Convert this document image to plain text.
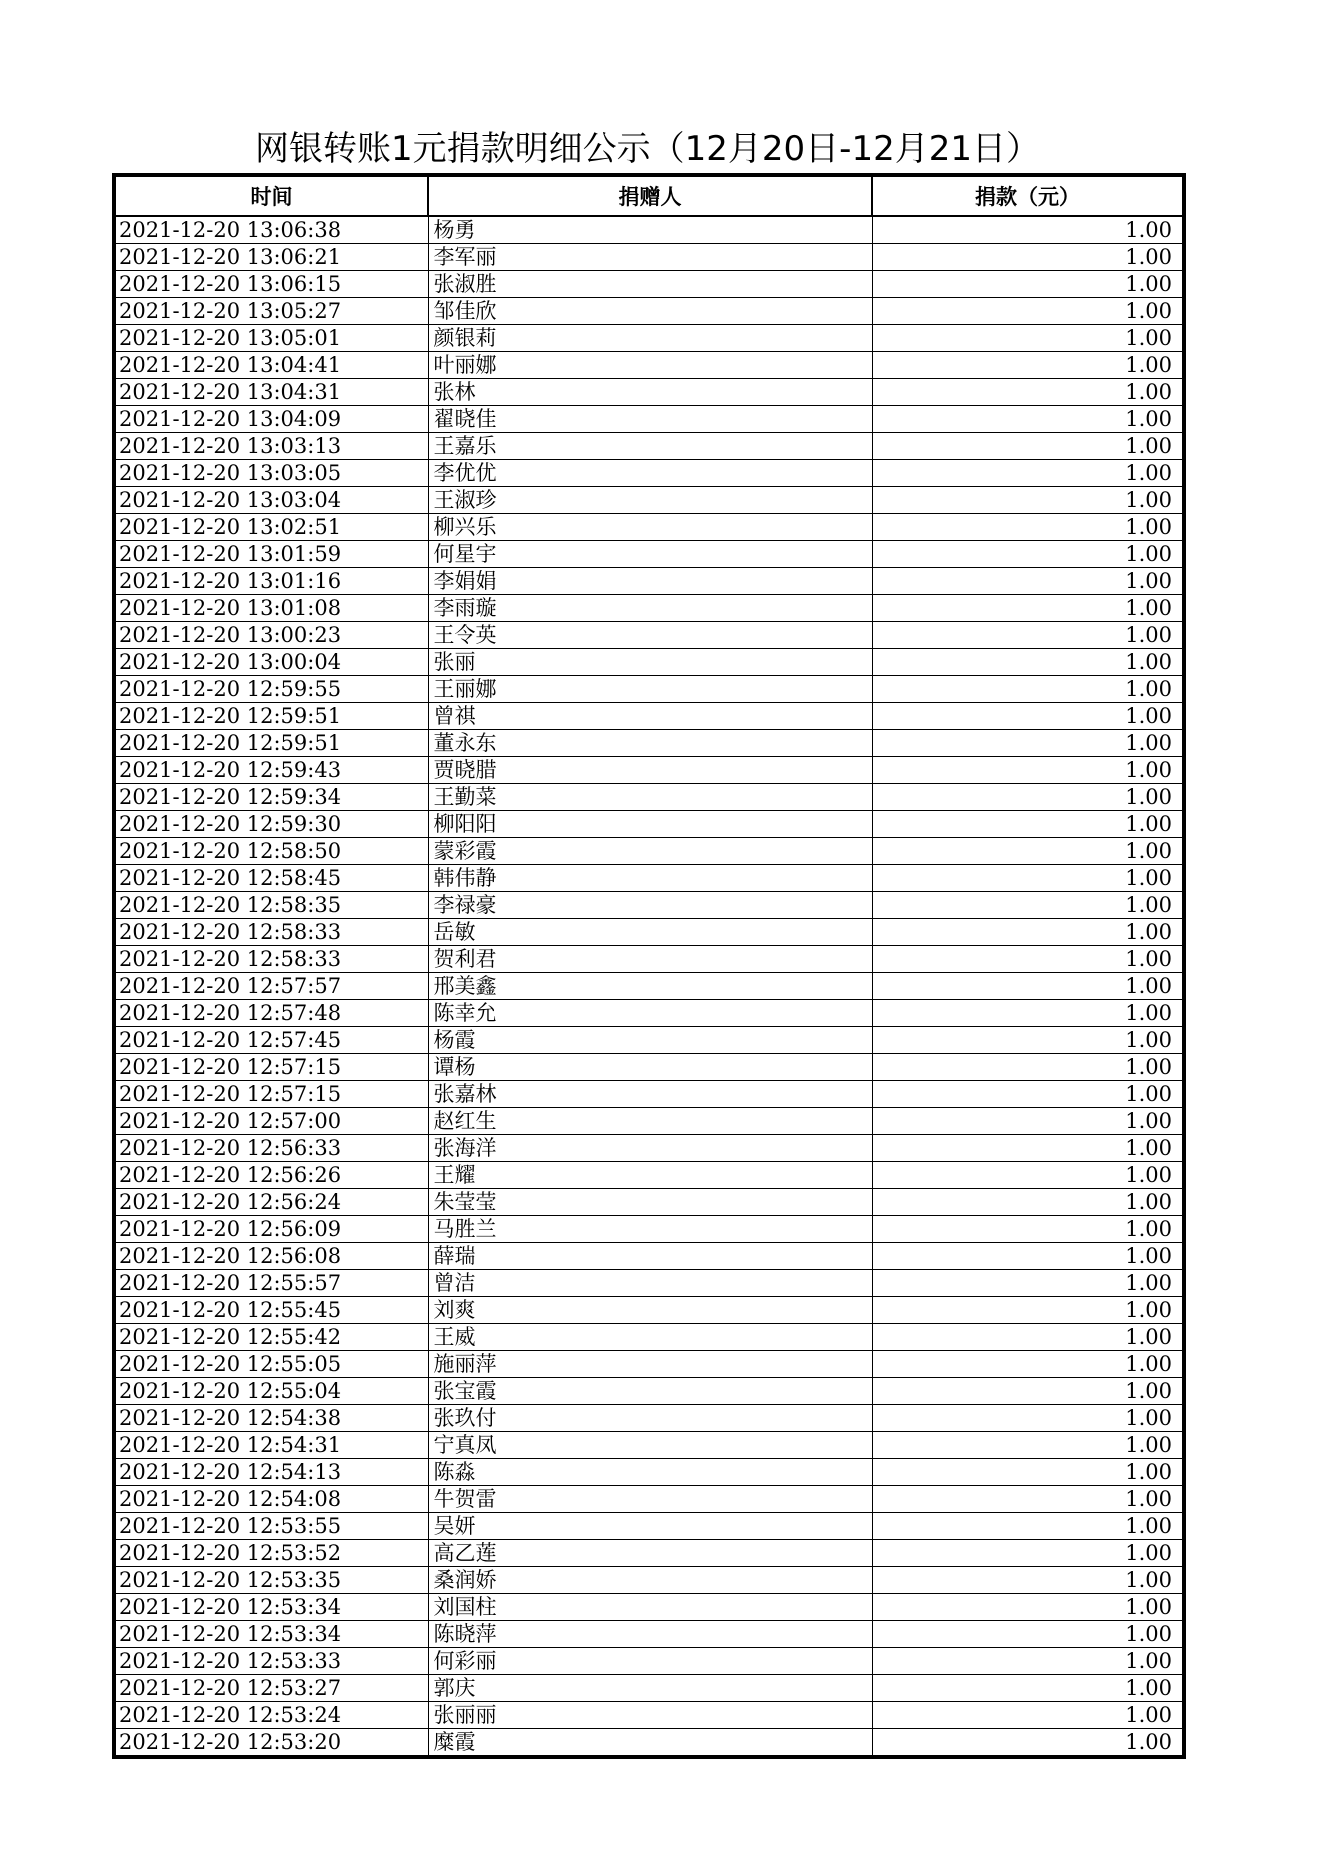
网银转账1元捐款明细公示（12月20日-12月21日）
时间	捐赠人	捐款（元）
2021-12-20 13:06:38	杨勇	1.00
2021-12-20 13:06:21	李军丽	1.00
2021-12-20 13:06:15	张淑胜	1.00
2021-12-20 13:05:27	邹佳欣	1.00
2021-12-20 13:05:01	颜银莉	1.00
2021-12-20 13:04:41	叶丽娜	1.00
2021-12-20 13:04:31	张林	1.00
2021-12-20 13:04:09	翟晓佳	1.00
2021-12-20 13:03:13	王嘉乐	1.00
2021-12-20 13:03:05	李优优	1.00
2021-12-20 13:03:04	王淑珍	1.00
2021-12-20 13:02:51	柳兴乐	1.00
2021-12-20 13:01:59	何星宇	1.00
2021-12-20 13:01:16	李娟娟	1.00
2021-12-20 13:01:08	李雨璇	1.00
2021-12-20 13:00:23	王令英	1.00
2021-12-20 13:00:04	张丽	1.00
2021-12-20 12:59:55	王丽娜	1.00
2021-12-20 12:59:51	曾祺	1.00
2021-12-20 12:59:51	董永东	1.00
2021-12-20 12:59:43	贾晓腊	1.00
2021-12-20 12:59:34	王勤菜	1.00
2021-12-20 12:59:30	柳阳阳	1.00
2021-12-20 12:58:50	蒙彩霞	1.00
2021-12-20 12:58:45	韩伟静	1.00
2021-12-20 12:58:35	李禄豪	1.00
2021-12-20 12:58:33	岳敏	1.00
2021-12-20 12:58:33	贺利君	1.00
2021-12-20 12:57:57	邢美鑫	1.00
2021-12-20 12:57:48	陈幸允	1.00
2021-12-20 12:57:45	杨霞	1.00
2021-12-20 12:57:15	谭杨	1.00
2021-12-20 12:57:15	张嘉林	1.00
2021-12-20 12:57:00	赵红生	1.00
2021-12-20 12:56:33	张海洋	1.00
2021-12-20 12:56:26	王耀	1.00
2021-12-20 12:56:24	朱莹莹	1.00
2021-12-20 12:56:09	马胜兰	1.00
2021-12-20 12:56:08	薛瑞	1.00
2021-12-20 12:55:57	曾洁	1.00
2021-12-20 12:55:45	刘爽	1.00
2021-12-20 12:55:42	王威	1.00
2021-12-20 12:55:05	施丽萍	1.00
2021-12-20 12:55:04	张宝霞	1.00
2021-12-20 12:54:38	张玖付	1.00
2021-12-20 12:54:31	宁真凤	1.00
2021-12-20 12:54:13	陈淼	1.00
2021-12-20 12:54:08	牛贺雷	1.00
2021-12-20 12:53:55	吴妍	1.00
2021-12-20 12:53:52	高乙莲	1.00
2021-12-20 12:53:35	桑润娇	1.00
2021-12-20 12:53:34	刘国柱	1.00
2021-12-20 12:53:34	陈晓萍	1.00
2021-12-20 12:53:33	何彩丽	1.00
2021-12-20 12:53:27	郭庆	1.00
2021-12-20 12:53:24	张丽丽	1.00
2021-12-20 12:53:20	糜霞	1.00
